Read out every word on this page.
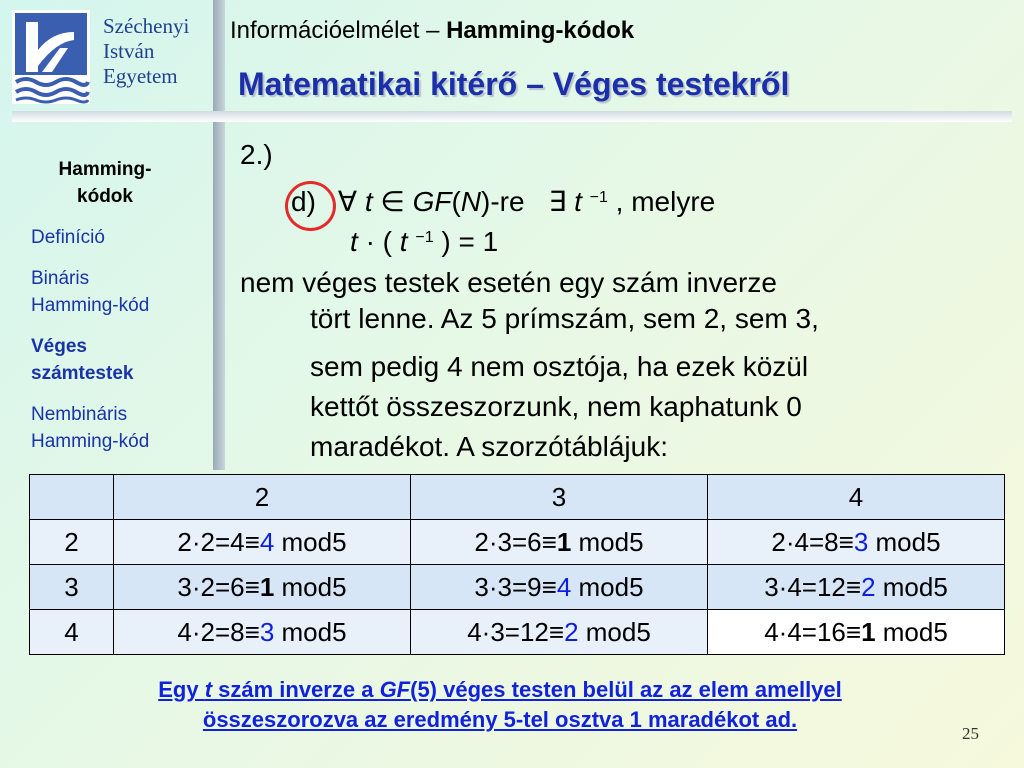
Széchenyi
István
Egyetem
Információelmélet – Hamming-kódok
Matematikai kitérő – Véges testekről
Hamming-
kódok
Definíció
Bináris
Hamming-kód
Véges
számtestek
Nembináris
Hamming-kód
2.)
d) ∀ t ∈ GF(N)-re ∃ t $^{-1}$ , melyre
t · ( t $^{-1}$ ) = 1
nem véges testek esetén egy szám inverze
tört lenne. Az 5 prímszám, sem 2, sem 3,
sem pedig 4 nem osztója, ha ezek közül
kettőt összeszorzunk, nem kaphatunk 0
maradékot. A szorzótáblájuk:
	2	3	4
2	2·2=4≡4 mod5	2·3=6≡1 mod5	2·4=8≡3 mod5
3	3·2=6≡1 mod5	3·3=9≡4 mod5	3·4=12≡2 mod5
4	4·2=8≡3 mod5	4·3=12≡2 mod5	4·4=16≡1 mod5
Egy t szám inverze a GF(5) véges testen belül az az elem amellyel
összeszorozva az eredmény 5-tel osztva 1 maradékot ad.
25
